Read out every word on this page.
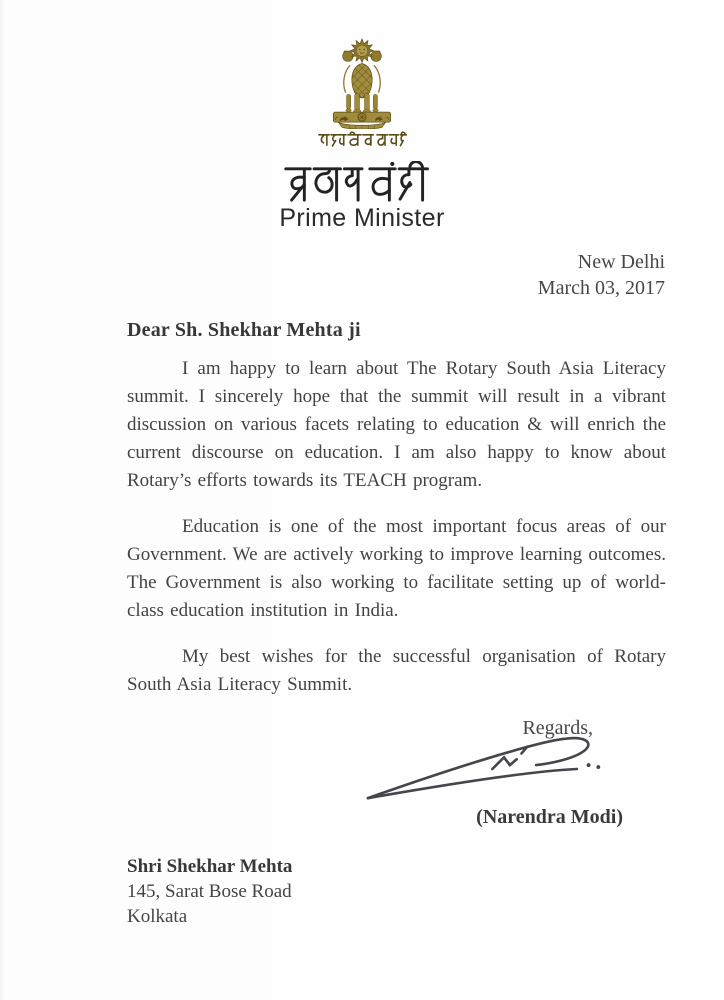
Prime Minister
New Delhi
March 03, 2017

Dear Sh. Shekhar Mehta ji

I am happy to learn about The Rotary South Asia Literacy summit. I sincerely hope that the summit will result in a vibrant discussion on various facets relating to education & will enrich the current discourse on education. I am also happy to know about Rotary’s efforts towards its TEACH program.

Education is one of the most important focus areas of our Government. We are actively working to improve learning outcomes. The Government is also working to facilitate setting up of world-class education institution in India.

My best wishes for the successful organisation of Rotary South Asia Literacy Summit.

Regards,
(Narendra Modi)
Shri Shekhar Mehta
145, Sarat Bose Road
Kolkata
